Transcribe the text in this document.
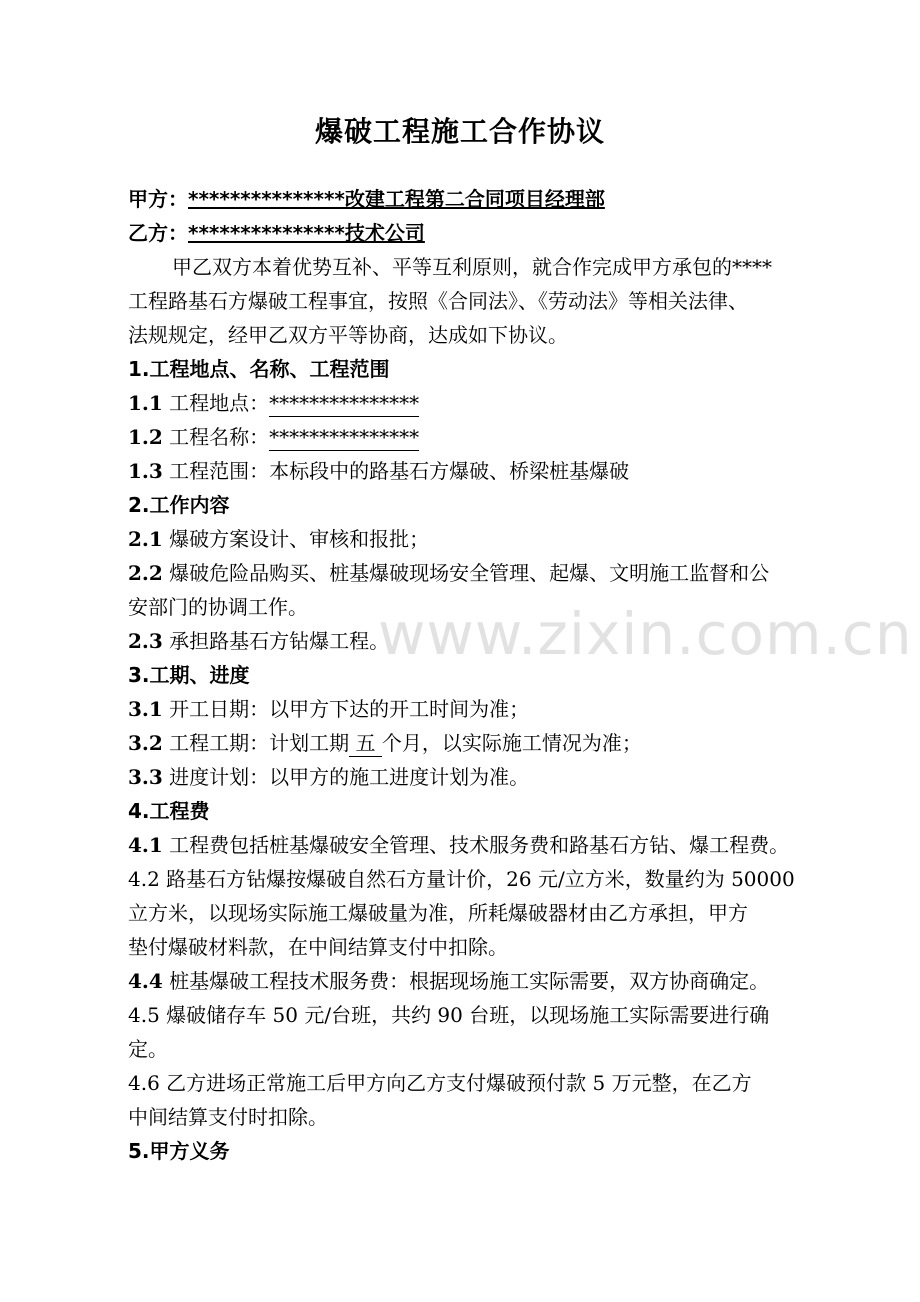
爆破工程施工合作协议
甲方：***************改建工程第二合同项目经理部
乙方：***************技术公司
甲乙双方本着优势互补、平等互利原则，就合作完成甲方承包的****
工程路基石方爆破工程事宜，按照《合同法》、《劳动法》等相关法律、
法规规定，经甲乙双方平等协商，达成如下协议。
1.工程地点、名称、工程范围
1.1 工程地点：***************
1.2 工程名称：***************
1.3 工程范围：本标段中的路基石方爆破、桥梁桩基爆破
2.工作内容
2.1 爆破方案设计、审核和报批；
2.2 爆破危险品购买、桩基爆破现场安全管理、起爆、文明施工监督和公
安部门的协调工作。
2.3 承担路基石方钻爆工程。
3.工期、进度
3.1 开工日期：以甲方下达的开工时间为准；
3.2 工程工期：计划工期 五 个月，以实际施工情况为准；
3.3 进度计划：以甲方的施工进度计划为准。
4.工程费
4.1 工程费包括桩基爆破安全管理、技术服务费和路基石方钻、爆工程费。
4.2 路基石方钻爆按爆破自然石方量计价，26 元/立方米，数量约为 50000
立方米，以现场实际施工爆破量为准，所耗爆破器材由乙方承担，甲方
垫付爆破材料款，在中间结算支付中扣除。
4.4 桩基爆破工程技术服务费：根据现场施工实际需要，双方协商确定。
4.5 爆破储存车 50 元/台班，共约 90 台班，以现场施工实际需要进行确
定。
4.6 乙方进场正常施工后甲方向乙方支付爆破预付款 5 万元整，在乙方
中间结算支付时扣除。
5.甲方义务
www.zixin.com.cn
